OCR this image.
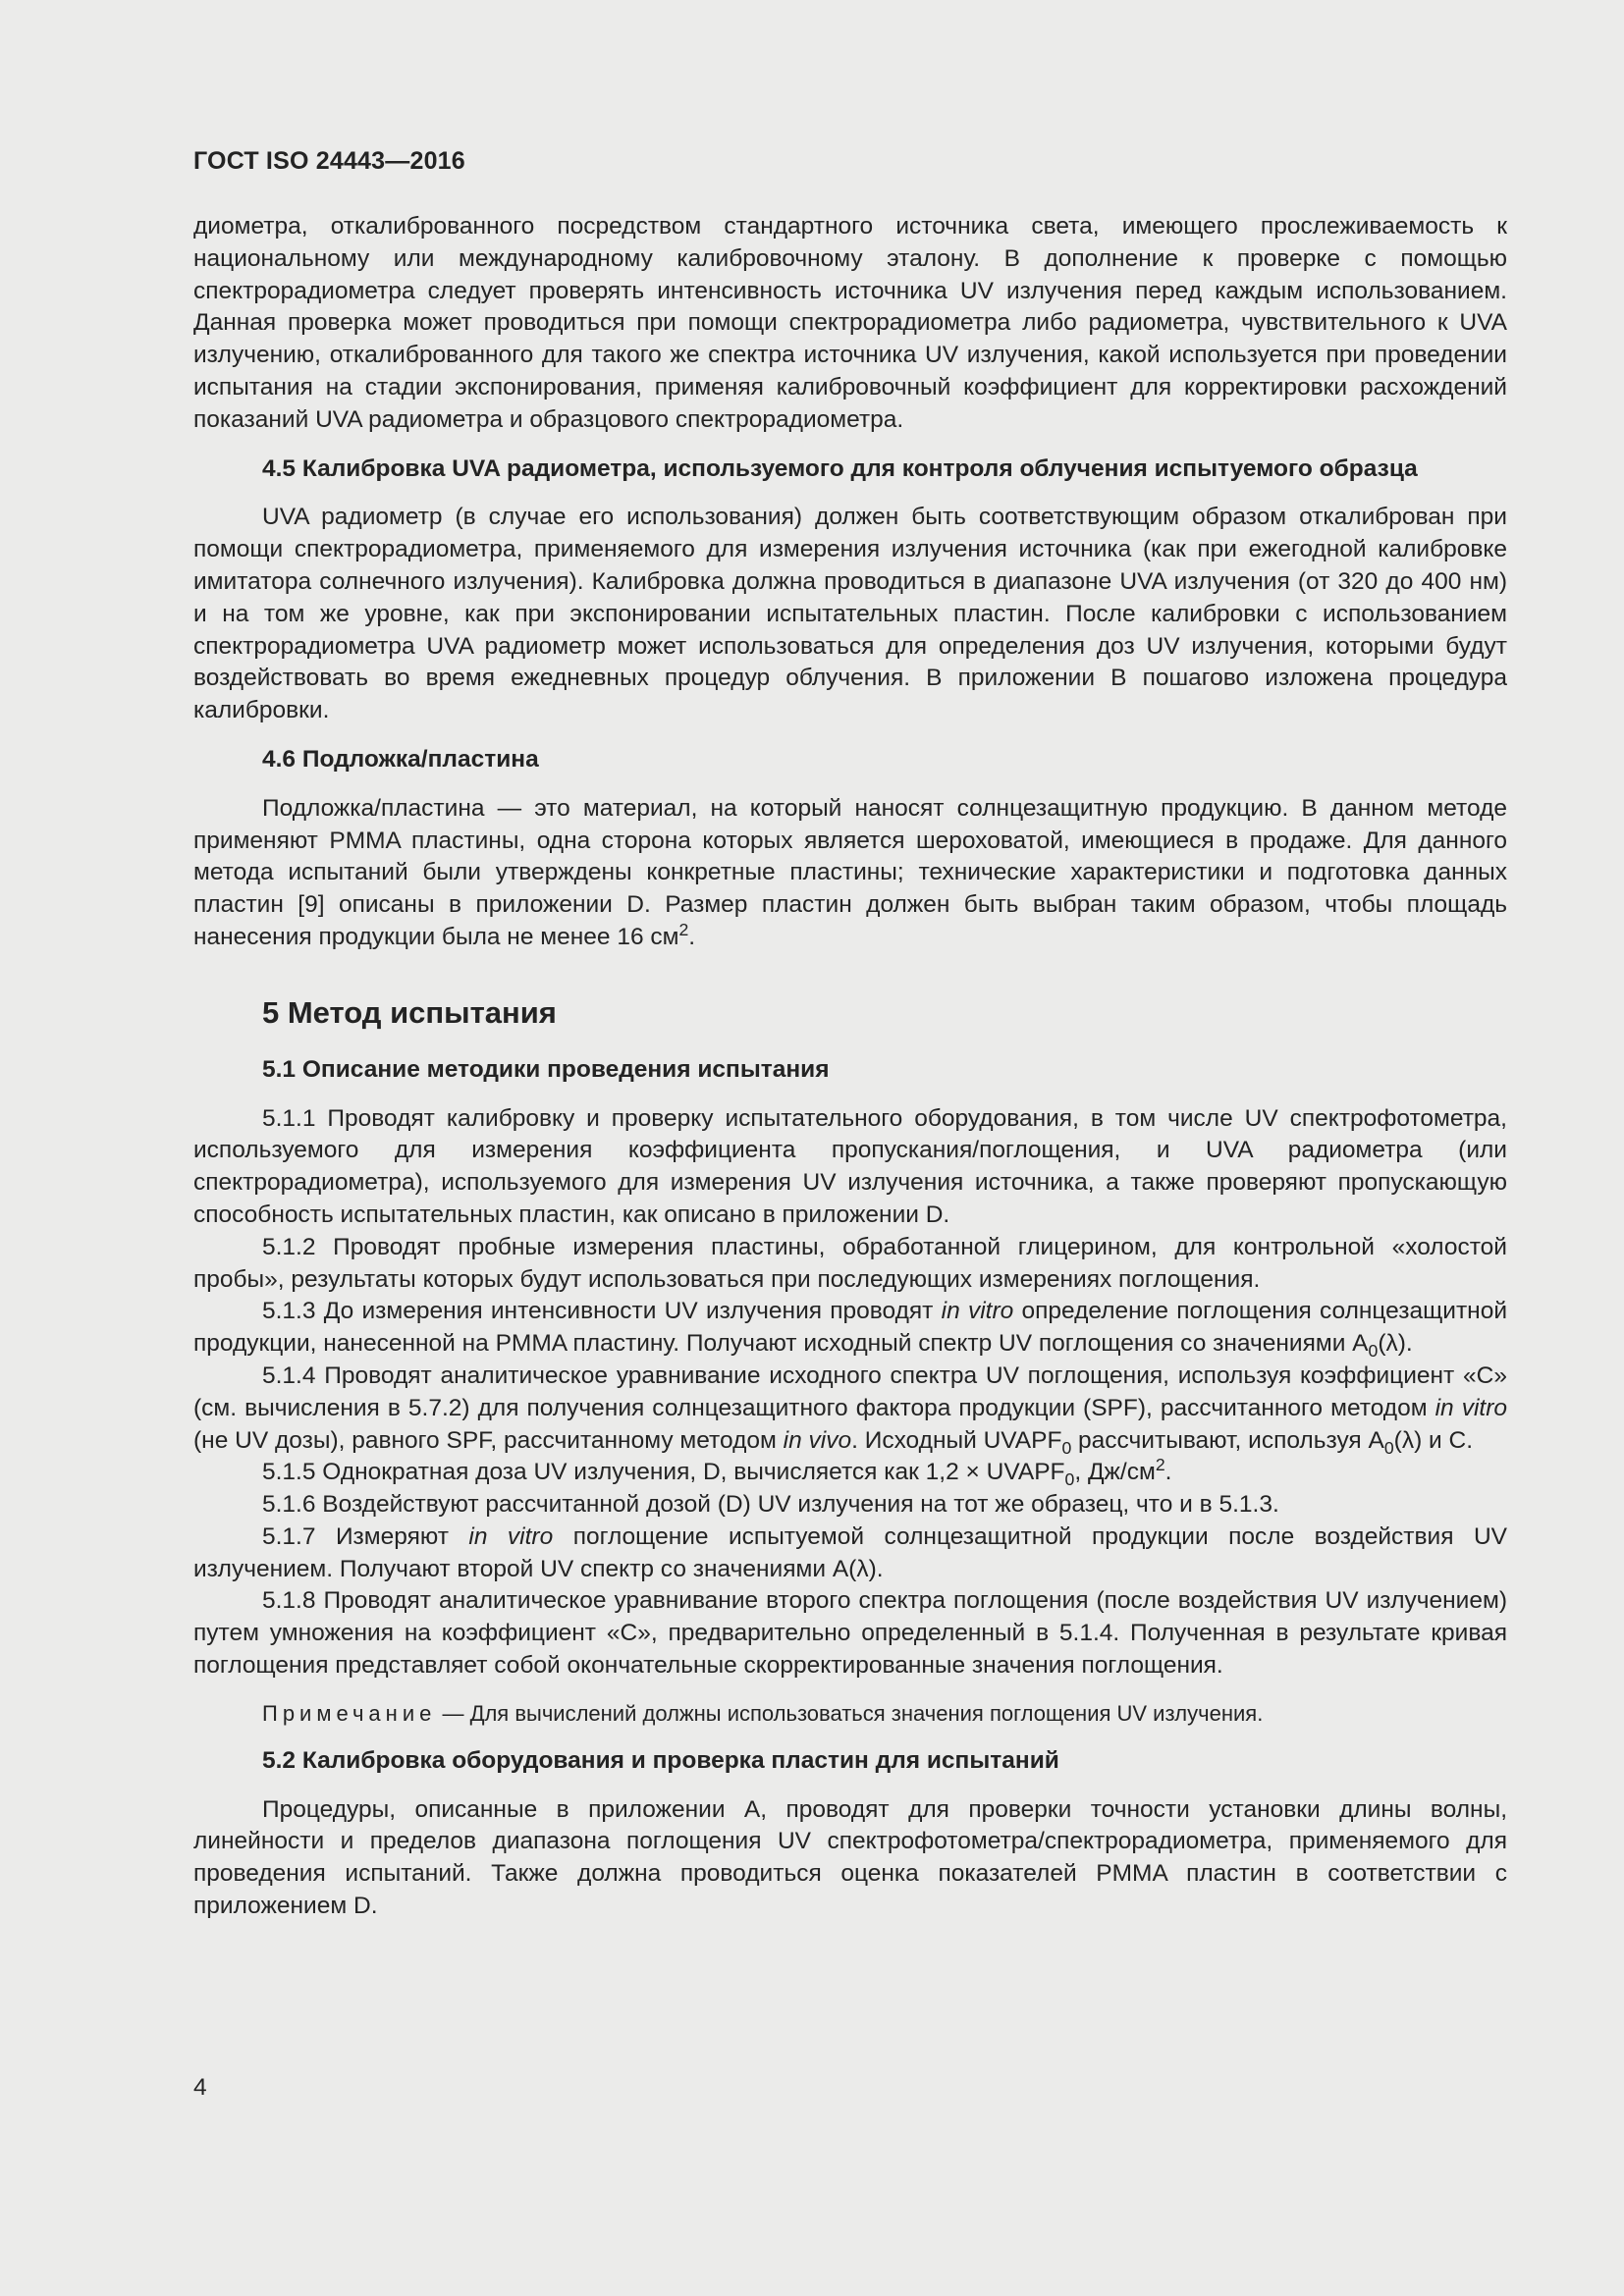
ГОСТ ISO 24443—2016

диометра, откалиброванного посредством стандартного источника света, имеющего прослеживаемость к национальному или международному калибровочному эталону. В дополнение к проверке с помощью спектрорадиометра следует проверять интенсивность источника UV излучения перед каждым использованием. Данная проверка может проводиться при помощи спектрорадиометра либо радиометра, чувствительного к UVA излучению, откалиброванного для такого же спектра источника UV излучения, какой используется при проведении испытания на стадии экспонирования, применяя калибровочный коэффициент для корректировки расхождений показаний UVA радиометра и образцового спектрорадиометра.

4.5 Калибровка UVA радиометра, используемого для контроля облучения испытуемого образца

UVA радиометр (в случае его использования) должен быть соответствующим образом откалиброван при помощи спектрорадиометра, применяемого для измерения излучения источника (как при ежегодной калибровке имитатора солнечного излучения). Калибровка должна проводиться в диапазоне UVA излучения (от 320 до 400 нм) и на том же уровне, как при экспонировании испытательных пластин. После калибровки с использованием спектрорадиометра UVA радиометр может использоваться для определения доз UV излучения, которыми будут воздействовать во время ежедневных процедур облучения. В приложении B пошагово изложена процедура калибровки.

4.6 Подложка/пластина

Подложка/пластина — это материал, на который наносят солнцезащитную продукцию. В данном методе применяют PMMA пластины, одна сторона которых является шероховатой, имеющиеся в продаже. Для данного метода испытаний были утверждены конкретные пластины; технические характеристики и подготовка данных пластин [9] описаны в приложении D. Размер пластин должен быть выбран таким образом, чтобы площадь нанесения продукции была не менее 16 $см^2$.

5 Метод испытания
5.1 Описание методики проведения испытания

5.1.1 Проводят калибровку и проверку испытательного оборудования, в том числе UV спектрофотометра, используемого для измерения коэффициента пропускания/поглощения, и UVA радиометра (или спектрорадиометра), используемого для измерения UV излучения источника, а также проверяют пропускающую способность испытательных пластин, как описано в приложении D.

5.1.2 Проводят пробные измерения пластины, обработанной глицерином, для контрольной «холостой пробы», результаты которых будут использоваться при последующих измерениях поглощения.

5.1.3 До измерения интенсивности UV излучения проводят in vitro определение поглощения солнцезащитной продукции, нанесенной на PMMA пластину. Получают исходный спектр UV поглощения со значениями $A_0(\lambda)$.

5.1.4 Проводят аналитическое уравнивание исходного спектра UV поглощения, используя коэффициент «C» (см. вычисления в 5.7.2) для получения солнцезащитного фактора продукции (SPF), рассчитанного методом in vitro (не UV дозы), равного SPF, рассчитанному методом in vivo. Исходный $UVAPF_0$ рассчитывают, используя $A_0(\lambda)$ и C.

5.1.5 Однократная доза UV излучения, D, вычисляется как $1,2 \times UVAPF_0$, $Дж/см^2$.

5.1.6 Воздействуют рассчитанной дозой (D) UV излучения на тот же образец, что и в 5.1.3.

5.1.7 Измеряют in vitro поглощение испытуемой солнцезащитной продукции после воздействия UV излучением. Получают второй UV спектр со значениями A(λ).

5.1.8 Проводят аналитическое уравнивание второго спектра поглощения (после воздействия UV излучением) путем умножения на коэффициент «C», предварительно определенный в 5.1.4. Полученная в результате кривая поглощения представляет собой окончательные скорректированные значения поглощения.

Примечание — Для вычислений должны использоваться значения поглощения UV излучения.
5.2 Калибровка оборудования и проверка пластин для испытаний

Процедуры, описанные в приложении A, проводят для проверки точности установки длины волны, линейности и пределов диапазона поглощения UV спектрофотометра/спектрорадиометра, применяемого для проведения испытаний. Также должна проводиться оценка показателей PMMA пластин в соответствии с приложением D.

4
